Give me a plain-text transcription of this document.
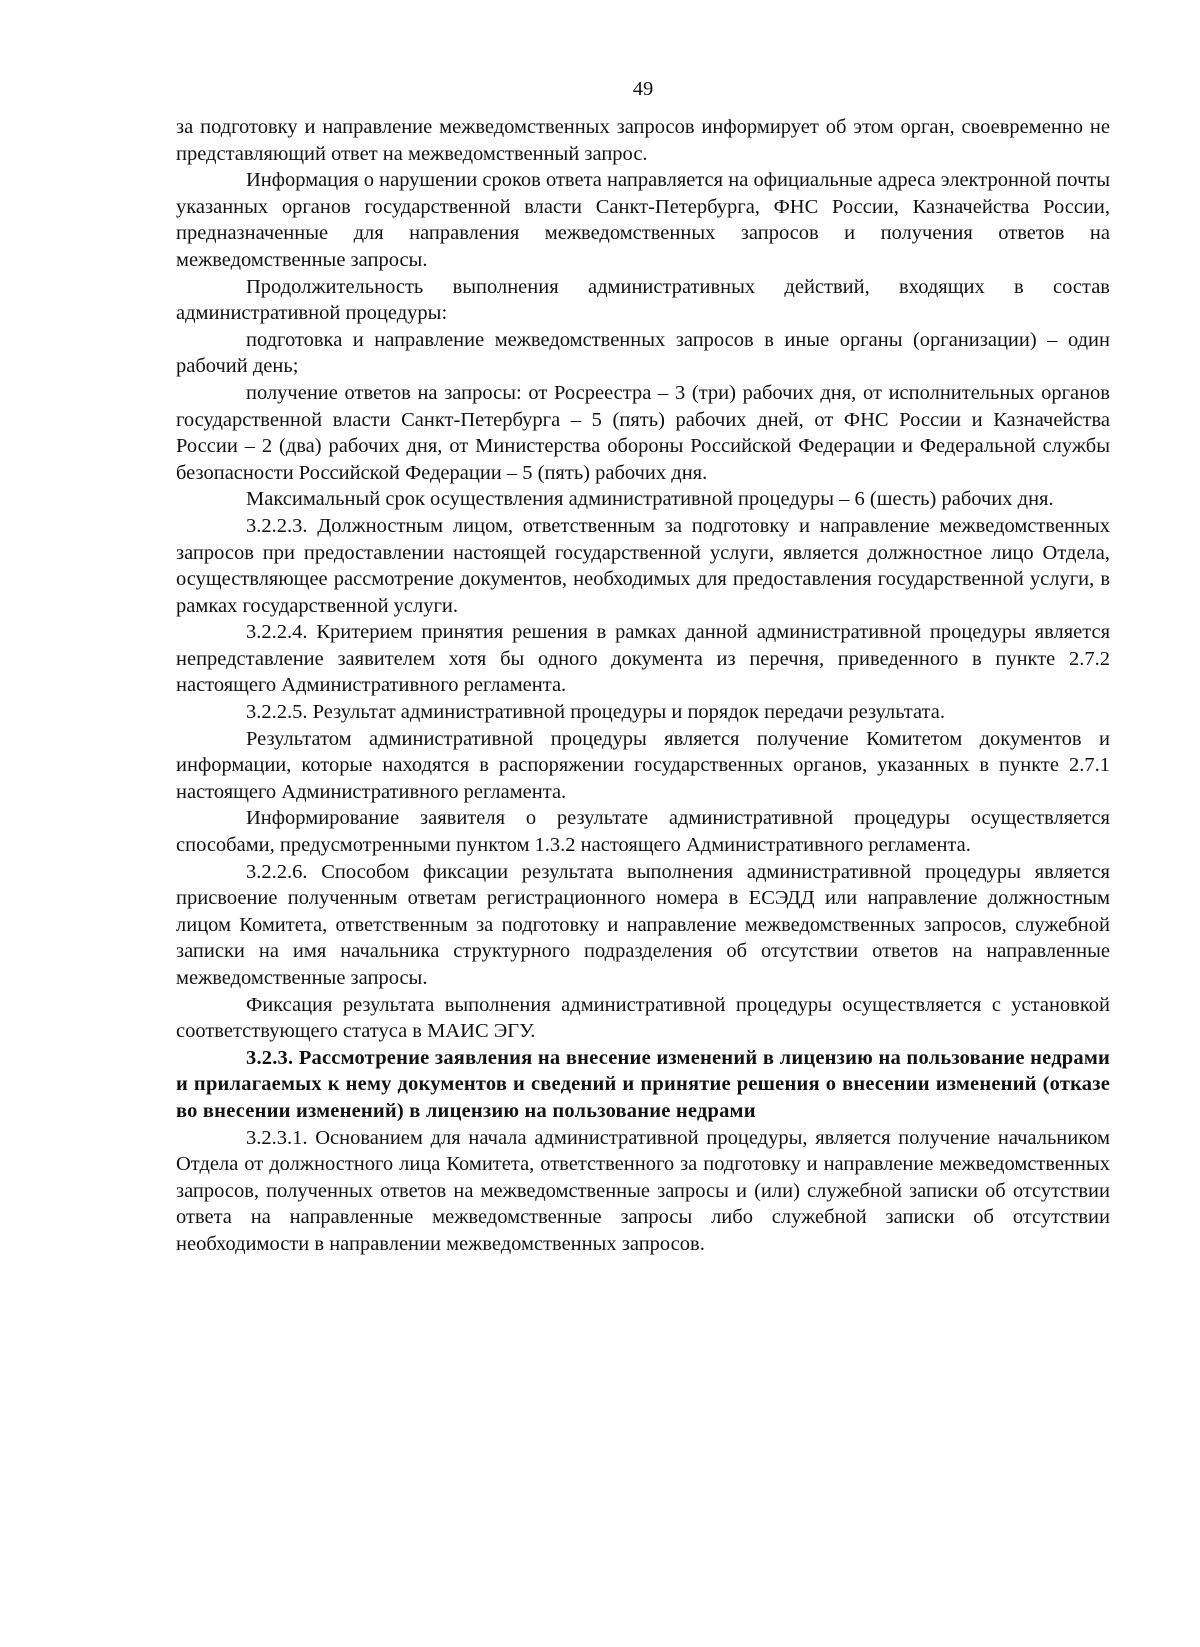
49

за подготовку и направление межведомственных запросов информирует об этом орган, своевременно не представляющий ответ на межведомственный запрос.

Информация о нарушении сроков ответа направляется на официальные адреса электронной почты указанных органов государственной власти Санкт-Петербурга, ФНС России, Казначейства России, предназначенные для направления межведомственных запросов и получения ответов на межведомственные запросы.

Продолжительность выполнения административных действий, входящих в состав административной процедуры:

подготовка и направление межведомственных запросов в иные органы (организации) – один рабочий день;

получение ответов на запросы: от Росреестра – 3 (три) рабочих дня, от исполнительных органов государственной власти Санкт-Петербурга – 5 (пять) рабочих дней, от ФНС России и Казначейства России – 2 (два) рабочих дня, от Министерства обороны Российской Федерации и Федеральной службы безопасности Российской Федерации – 5 (пять) рабочих дня.

Максимальный срок осуществления административной процедуры – 6 (шесть) рабочих дня.

3.2.2.3. Должностным лицом, ответственным за подготовку и направление межведомственных запросов при предоставлении настоящей государственной услуги, является должностное лицо Отдела, осуществляющее рассмотрение документов, необходимых для предоставления государственной услуги, в рамках государственной услуги.

3.2.2.4. Критерием принятия решения в рамках данной административной процедуры является непредставление заявителем хотя бы одного документа из перечня, приведенного в пункте 2.7.2 настоящего Административного регламента.

3.2.2.5. Результат административной процедуры и порядок передачи результата.

Результатом административной процедуры является получение Комитетом документов и информации, которые находятся в распоряжении государственных органов, указанных в пункте 2.7.1 настоящего Административного регламента.

Информирование заявителя о результате административной процедуры осуществляется способами, предусмотренными пунктом 1.3.2 настоящего Административного регламента.

3.2.2.6. Способом фиксации результата выполнения административной процедуры является присвоение полученным ответам регистрационного номера в ЕСЭДД или направление должностным лицом Комитета, ответственным за подготовку и направление межведомственных запросов, служебной записки на имя начальника структурного подразделения об отсутствии ответов на направленные межведомственные запросы.

Фиксация результата выполнения административной процедуры осуществляется с установкой соответствующего статуса в МАИС ЭГУ.

3.2.3. Рассмотрение заявления на внесение изменений в лицензию на пользование недрами и прилагаемых к нему документов и сведений и принятие решения о внесении изменений (отказе во внесении изменений) в лицензию на пользование недрами

3.2.3.1. Основанием для начала административной процедуры, является получение начальником Отдела от должностного лица Комитета, ответственного за подготовку и направление межведомственных запросов, полученных ответов на межведомственные запросы и (или) служебной записки об отсутствии ответа на направленные межведомственные запросы либо служебной записки об отсутствии необходимости в направлении межведомственных запросов.
